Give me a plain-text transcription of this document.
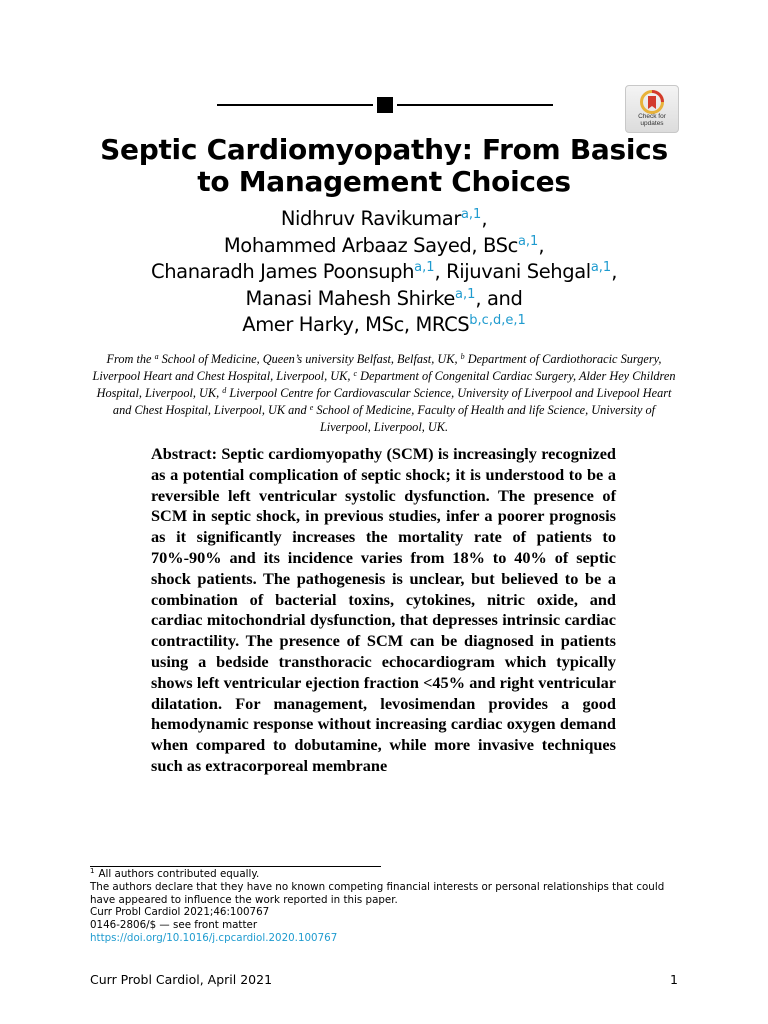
Check for updates
Septic Cardiomyopathy: From Basics
to Management Choices
Nidhruv Ravikumar$^{a,1}$,
Mohammed Arbaaz Sayed, BSc$^{a,1}$,
Chanaradh James Poonsuph$^{a,1}$, Rijuvani Sehgal$^{a,1}$,
Manasi Mahesh Shirke$^{a,1}$, and
Amer Harky, MSc, MRCS$^{b,c,d,e,1}$
From the $^a$ School of Medicine, Queen’s university Belfast, Belfast, UK, $^b$ Department of Cardiothoracic Surgery, Liverpool Heart and Chest Hospital, Liverpool, UK, $^c$ Department of Congenital Cardiac Surgery, Alder Hey Children Hospital, Liverpool, UK, $^d$ Liverpool Centre for Cardiovascular Science, University of Liverpool and Livepool Heart and Chest Hospital, Liverpool, UK and $^e$ School of Medicine, Faculty of Health and life Science, University of Liverpool, Liverpool, UK.
Abstract: Septic cardiomyopathy (SCM) is increasingly recognized as a potential complication of septic shock; it is understood to be a reversible left ventricular systolic dysfunction. The presence of SCM in septic shock, in previous studies, infer a poorer prognosis as it significantly increases the mortality rate of patients to 70%-90% and its incidence varies from 18% to 40% of septic shock patients. The pathogenesis is unclear, but believed to be a combination of bacterial toxins, cytokines, nitric oxide, and cardiac mitochondrial dysfunction, that depresses intrinsic cardiac contractility. The presence of SCM can be diagnosed in patients using a bedside transthoracic echocardiogram which typically shows left ventricular ejection fraction <45% and right ventricular dilatation. For management, levosimendan provides a good hemodynamic response without increasing cardiac oxygen demand when compared to dobutamine, while more invasive techniques such as extracorporeal membrane
$^1$ All authors contributed equally.
The authors declare that they have no known competing financial interests or personal relationships that could have appeared to influence the work reported in this paper.
Curr Probl Cardiol 2021;46:100767
0146-2806/$ — see front matter
https://doi.org/10.1016/j.cpcardiol.2020.100767
Curr Probl Cardiol, April 2021	1
